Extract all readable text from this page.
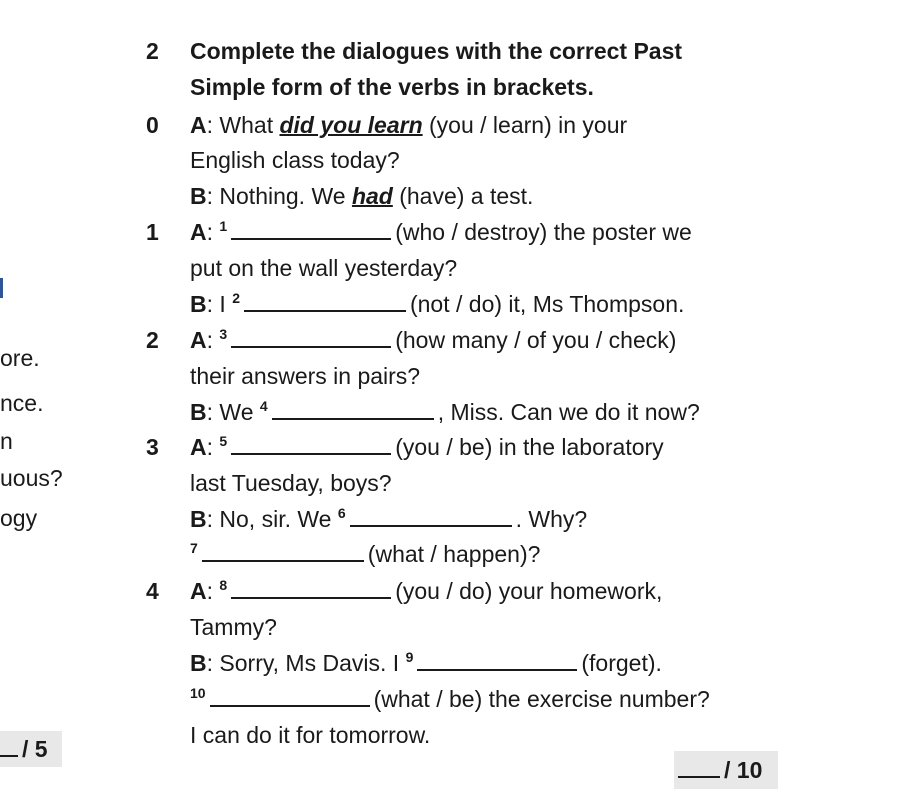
ore.
nce.
n
uous?
ogy
/ 5
2 Complete the dialogues with the correct Past
Simple form of the verbs in brackets.
0 A: What did you learn (you / learn) in your
English class today?
B: Nothing. We had (have) a test.
1 A: $^1$	(who / destroy) the poster we
put on the wall yesterday?
B: I $^2$	(not / do) it, Ms Thompson.
2 A: $^3$	(how many / of you / check)
their answers in pairs?
B: We $^4$	, Miss. Can we do it now?
3 A: $^5$	(you / be) in the laboratory
last Tuesday, boys?
B: No, sir. We $^6$	. Why?
$^7$	(what / happen)?
4 A: $^8$	(you / do) your homework,
Tammy?
B: Sorry, Ms Davis. I $^9$	(forget).
$^{10}$	(what / be) the exercise number?
I can do it for tomorrow.
/ 10
